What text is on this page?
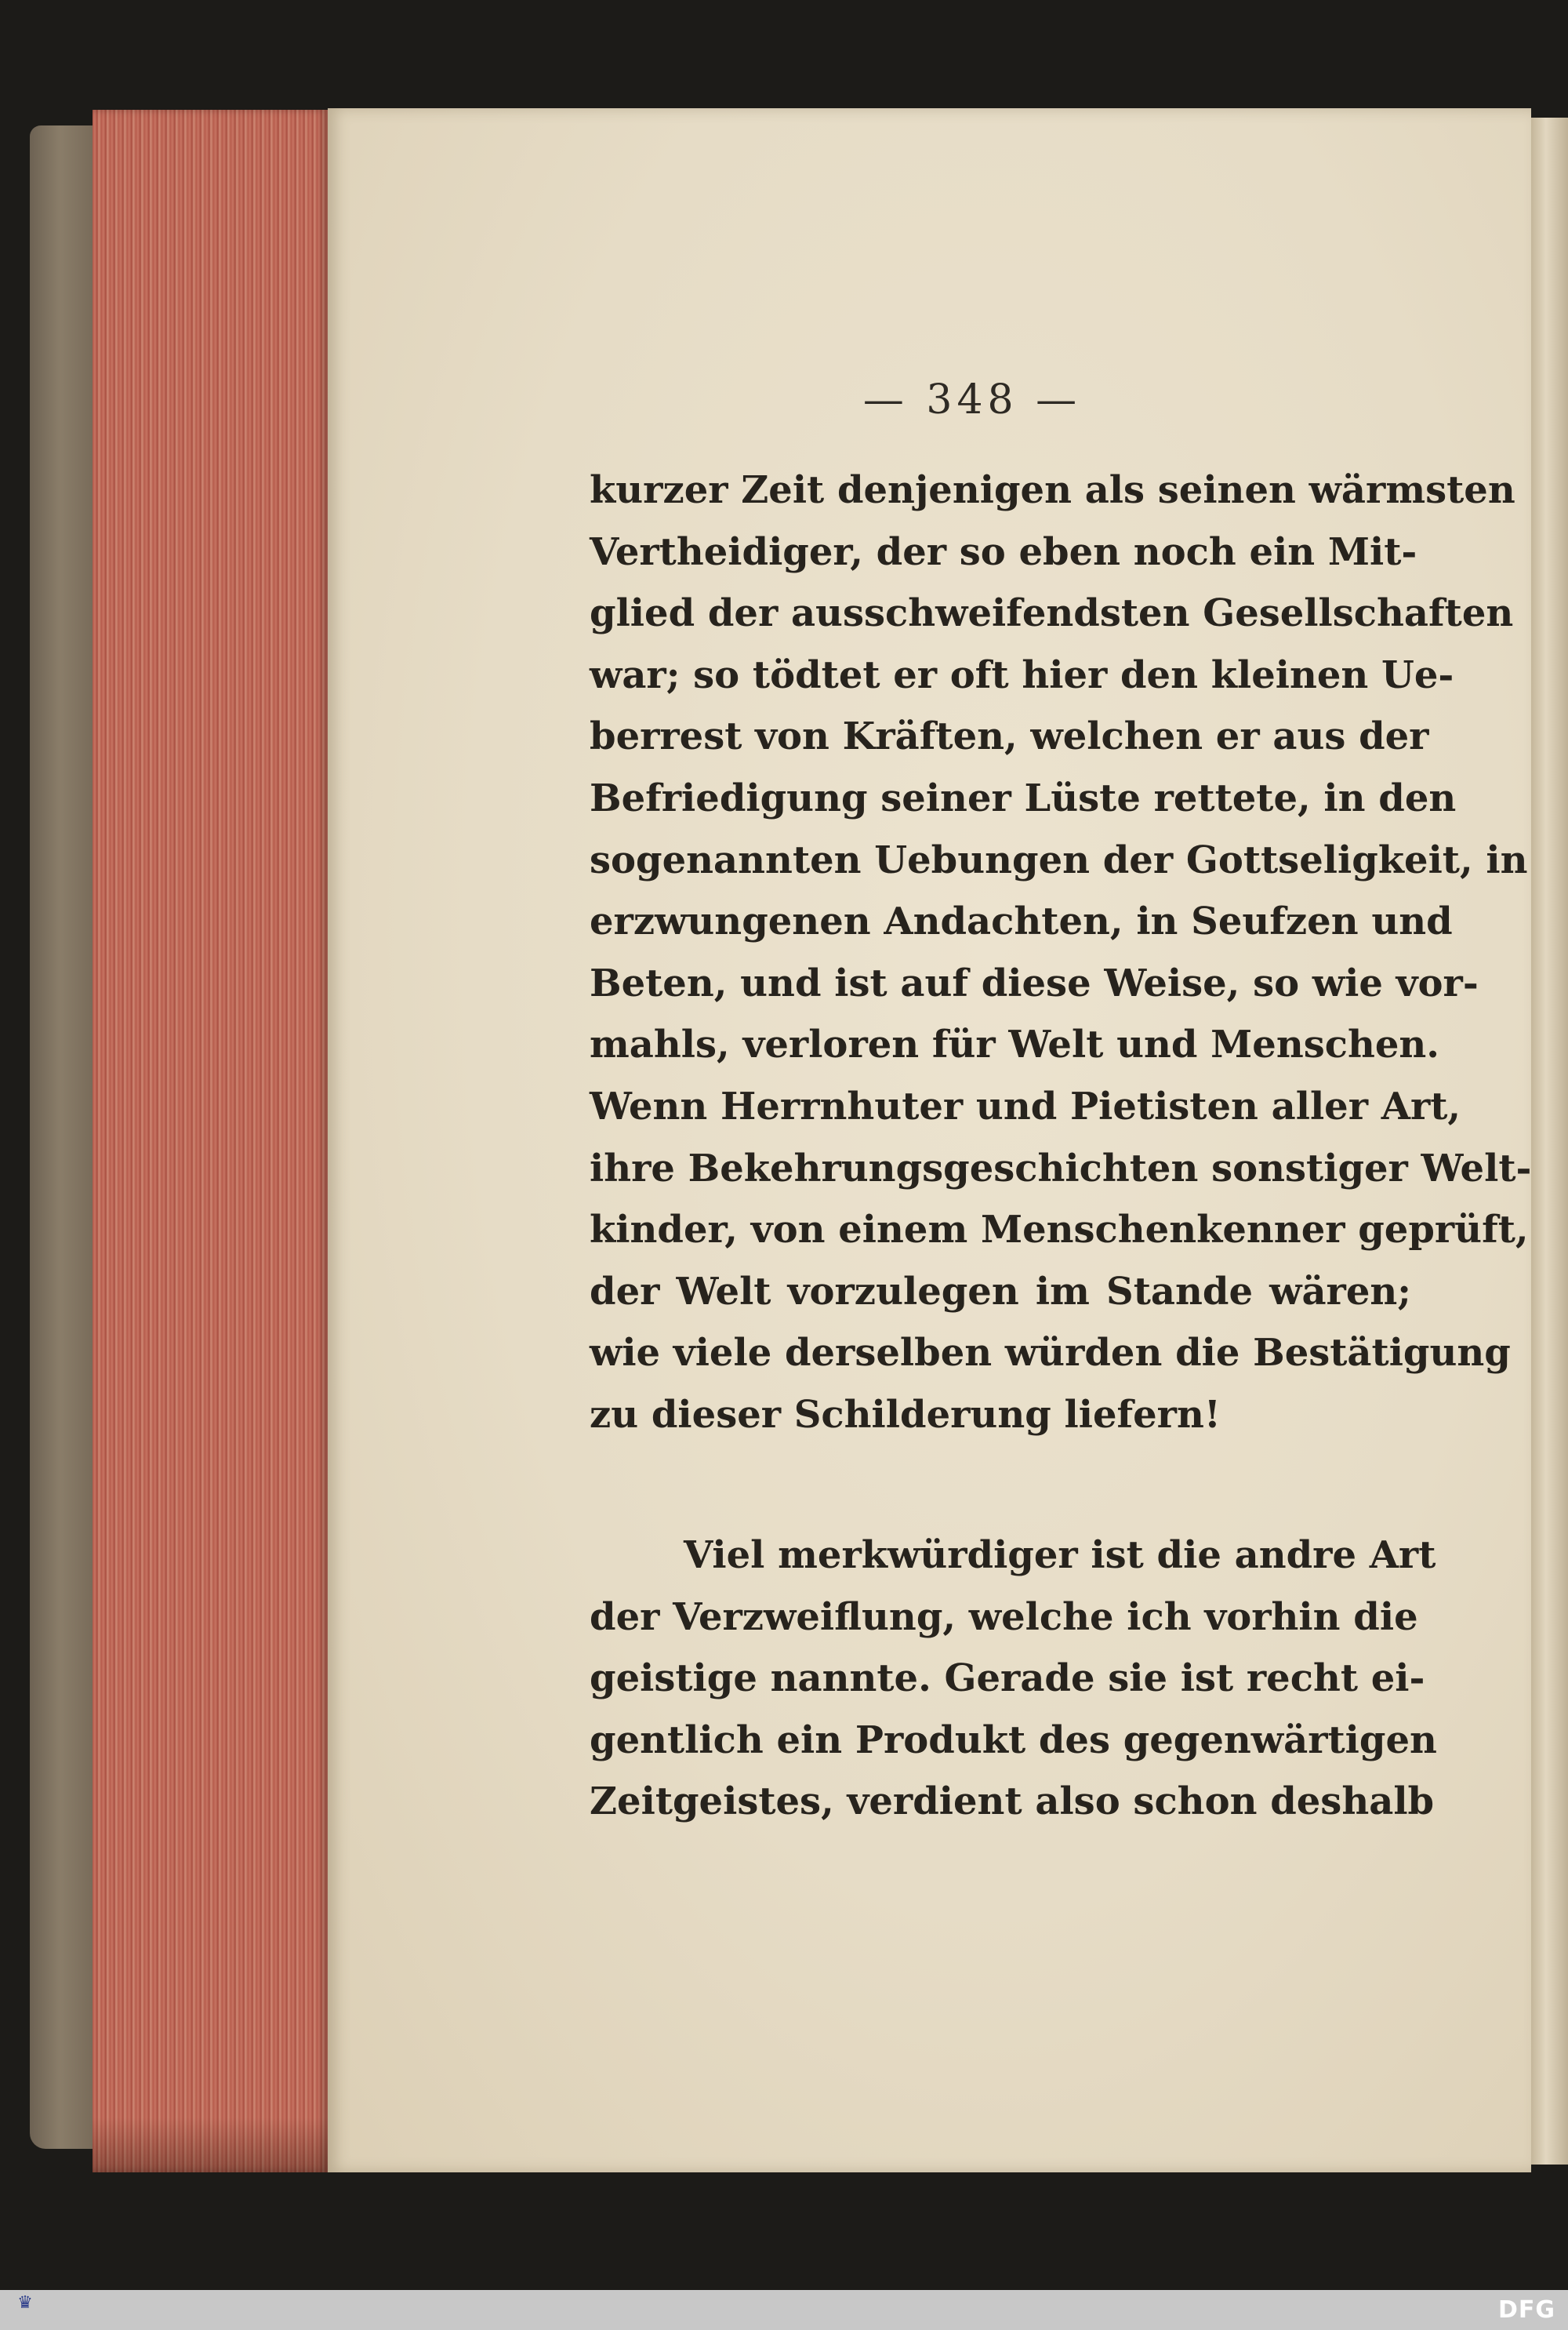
— 348 —
kurzer Zeit denjenigen als seinen wärmsten
Vertheidiger, der so eben noch ein Mit-
glied der ausschweifendsten Gesellschaften
war; so tödtet er oft hier den kleinen Ue-
berrest von Kräften, welchen er aus der
Befriedigung seiner Lüste rettete, in den
sogenannten Uebungen der Gottseligkeit, in
erzwungenen Andachten, in Seufzen und
Beten, und ist auf diese Weise, so wie vor-
mahls, verloren für Welt und Menschen.
Wenn Herrnhuter und Pietisten aller Art,
ihre Bekehrungsgeschichten sonstiger Welt-
kinder, von einem Menschenkenner geprüft,
der Welt vorzulegen im Stande wären;
wie viele derselben würden die Bestätigung
zu dieser Schilderung liefern!
Viel merkwürdiger ist die andre Art
der Verzweiflung, welche ich vorhin die
geistige nannte. Gerade sie ist recht ei-
gentlich ein Produkt des gegenwärtigen
Zeitgeistes, verdient also schon deshalb
♛	DFG
